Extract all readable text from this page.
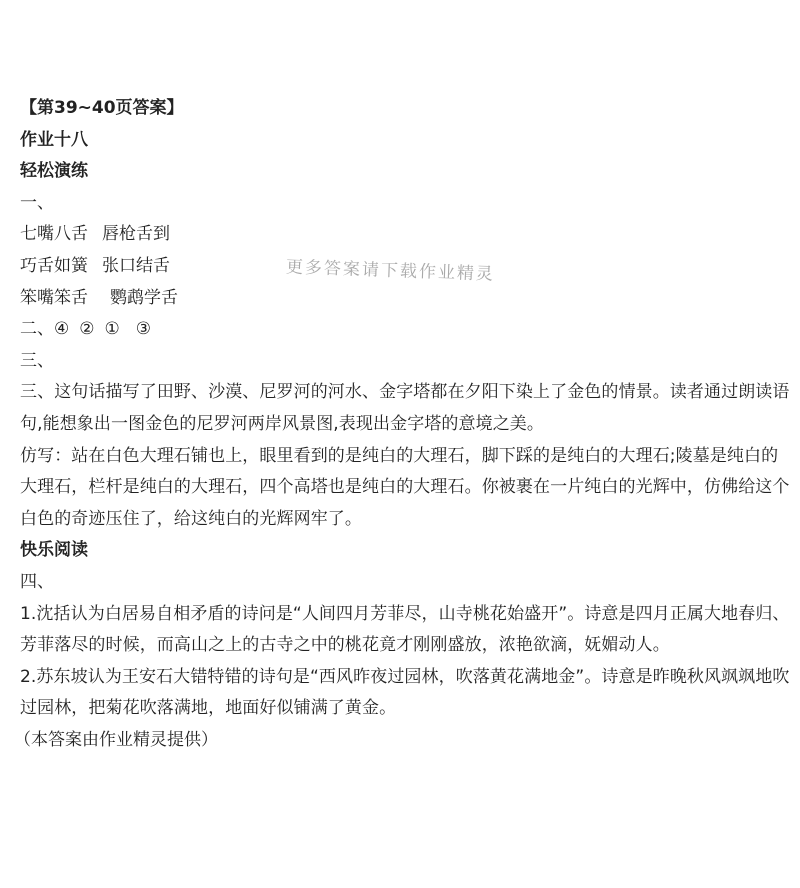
【第39~40页答案】

作业十八

轻松演练

一、

七嘴八舌 唇枪舌到

巧舌如簧 张口结舌

笨嘴笨舌 鹦鹉学舌

二、④ ② ① ③

三、

三、这句话描写了田野、沙漠、尼罗河的河水、金字塔都在夕阳下染上了金色的情景。读者通过朗读语句,能想象出一图金色的尼罗河两岸风景图,表现出金字塔的意境之美。

仿写：站在白色大理石铺也上，眼里看到的是纯白的大理石，脚下踩的是纯白的大理石;陵墓是纯白的大理石，栏杆是纯白的大理石，四个高塔也是纯白的大理石。你被裹在一片纯白的光辉中，仿佛给这个白色的奇迹压住了，给这纯白的光辉网牢了。

快乐阅读

四、

1.沈括认为白居易自相矛盾的诗问是“人间四月芳菲尽，山寺桃花始盛开”。诗意是四月正属大地春归、芳菲落尽的时候，而高山之上的古寺之中的桃花竟才刚刚盛放，浓艳欲滴，妩媚动人。

2.苏东坡认为王安石大错特错的诗句是“西风昨夜过园林，吹落黄花满地金”。诗意是昨晚秋风飒飒地吹过园林，把菊花吹落满地，地面好似铺满了黄金。

（本答案由作业精灵提供）

更多答案请下载作业精灵
